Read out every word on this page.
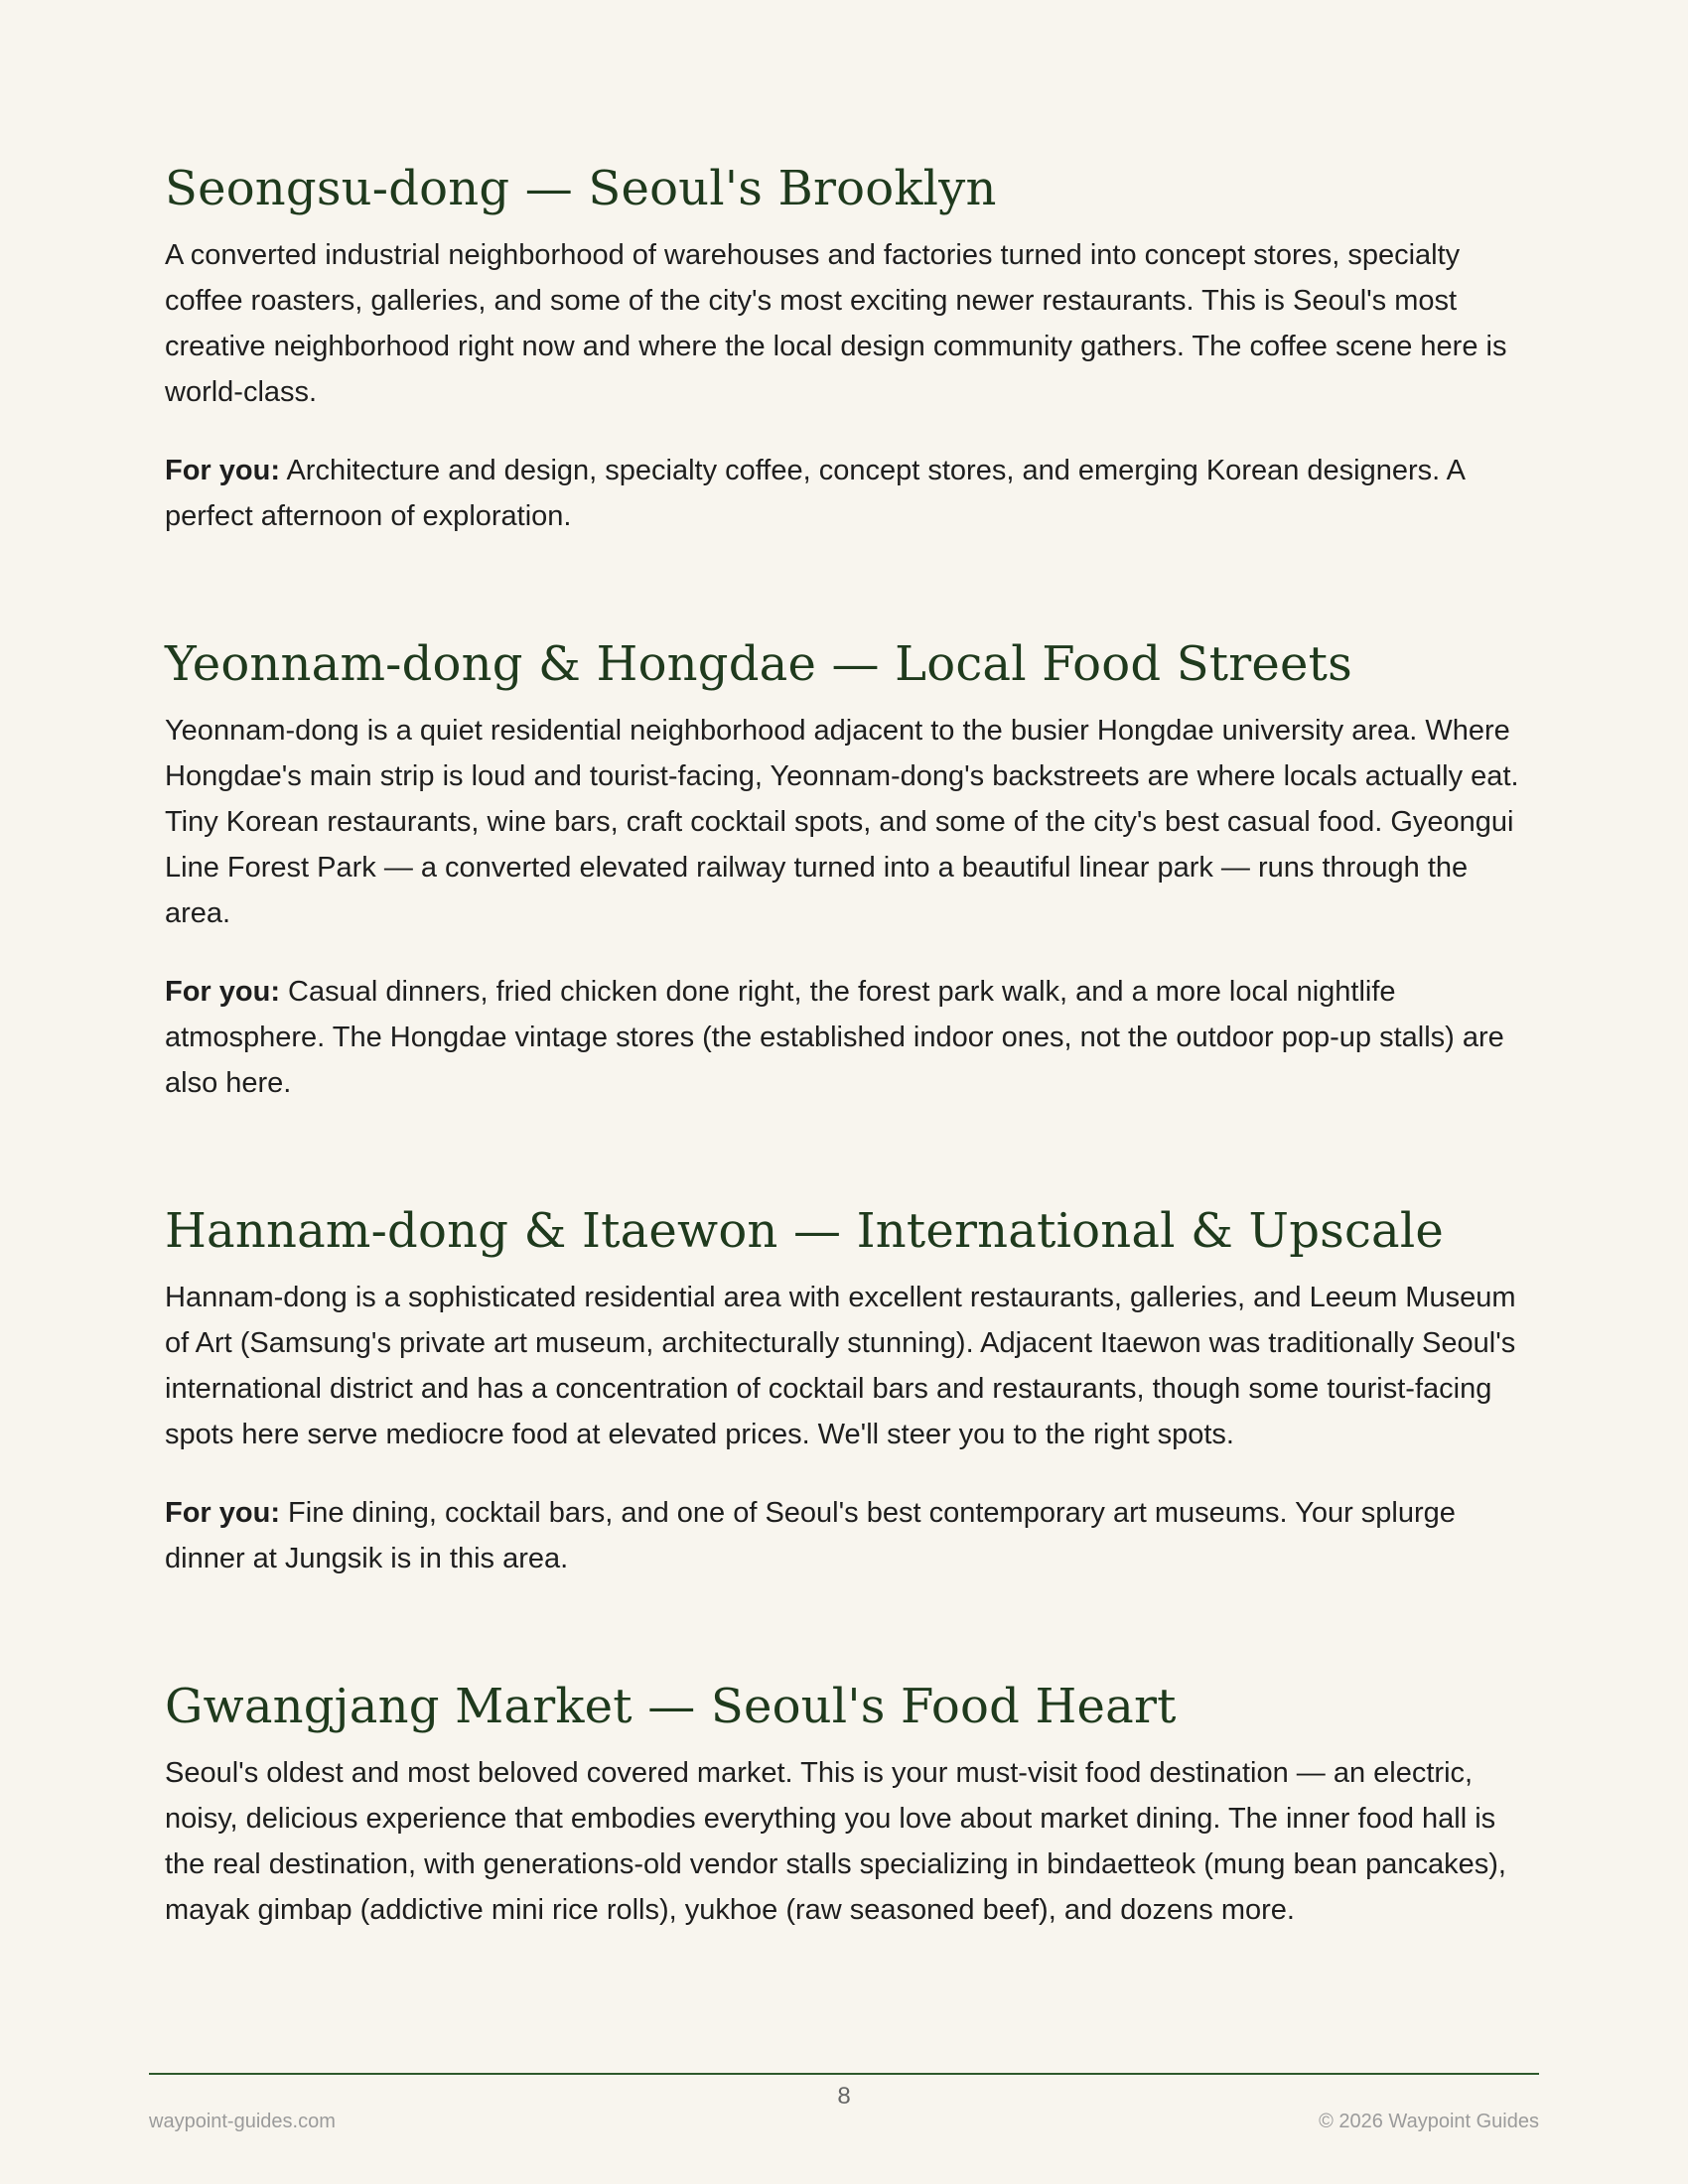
Seongsu-dong — Seoul's Brooklyn

A converted industrial neighborhood of warehouses and factories turned into concept stores, specialty coffee roasters, galleries, and some of the city's most exciting newer restaurants. This is Seoul's most creative neighborhood right now and where the local design community gathers. The coffee scene here is world-class.

For you: Architecture and design, specialty coffee, concept stores, and emerging Korean designers. A perfect afternoon of exploration.

Yeonnam-dong & Hongdae — Local Food Streets

Yeonnam-dong is a quiet residential neighborhood adjacent to the busier Hongdae university area. Where Hongdae's main strip is loud and tourist-facing, Yeonnam-dong's backstreets are where locals actually eat. Tiny Korean restaurants, wine bars, craft cocktail spots, and some of the city's best casual food. Gyeongui Line Forest Park — a converted elevated railway turned into a beautiful linear park — runs through the area.

For you: Casual dinners, fried chicken done right, the forest park walk, and a more local nightlife atmosphere. The Hongdae vintage stores (the established indoor ones, not the outdoor pop-up stalls) are also here.

Hannam-dong & Itaewon — International & Upscale

Hannam-dong is a sophisticated residential area with excellent restaurants, galleries, and Leeum Museum of Art (Samsung's private art museum, architecturally stunning). Adjacent Itaewon was traditionally Seoul's international district and has a concentration of cocktail bars and restaurants, though some tourist-facing spots here serve mediocre food at elevated prices. We'll steer you to the right spots.

For you: Fine dining, cocktail bars, and one of Seoul's best contemporary art museums. Your splurge dinner at Jungsik is in this area.

Gwangjang Market — Seoul's Food Heart

Seoul's oldest and most beloved covered market. This is your must-visit food destination — an electric, noisy, delicious experience that embodies everything you love about market dining. The inner food hall is the real destination, with generations-old vendor stalls specializing in bindaetteok (mung bean pancakes), mayak gimbap (addictive mini rice rolls), yukhoe (raw seasoned beef), and dozens more.

8
waypoint-guides.com	© 2026 Waypoint Guides
